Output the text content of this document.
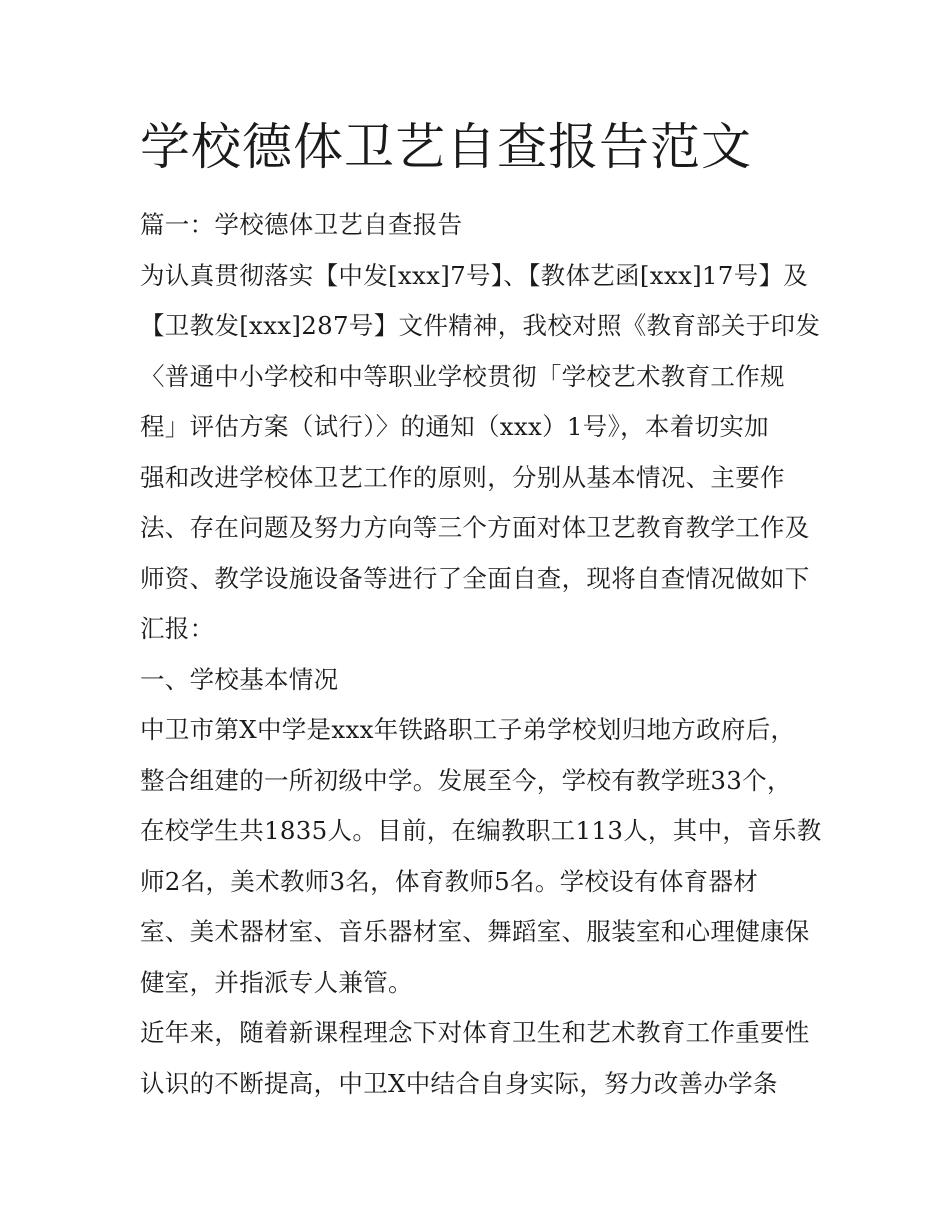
学校德体卫艺自查报告范文
篇一：学校德体卫艺自查报告
为认真贯彻落实【中发[xxx]7号】、【教体艺函[xxx]17号】及
【卫教发[xxx]287号】文件精神，我校对照《教育部关于印发
〈普通中小学校和中等职业学校贯彻「学校艺术教育工作规
程」评估方案（试行）〉的通知（xxx）1号》，本着切实加
强和改进学校体卫艺工作的原则，分别从基本情况、主要作
法、存在问题及努力方向等三个方面对体卫艺教育教学工作及
师资、教学设施设备等进行了全面自查，现将自查情况做如下
汇报：
一、学校基本情况
中卫市第X中学是xxx年铁路职工子弟学校划归地方政府后，
整合组建的一所初级中学。发展至今，学校有教学班33个，
在校学生共1835人。目前，在编教职工113人，其中，音乐教
师2名，美术教师3名，体育教师5名。学校设有体育器材
室、美术器材室、音乐器材室、舞蹈室、服装室和心理健康保
健室，并指派专人兼管。
近年来，随着新课程理念下对体育卫生和艺术教育工作重要性
认识的不断提高，中卫X中结合自身实际，努力改善办学条
